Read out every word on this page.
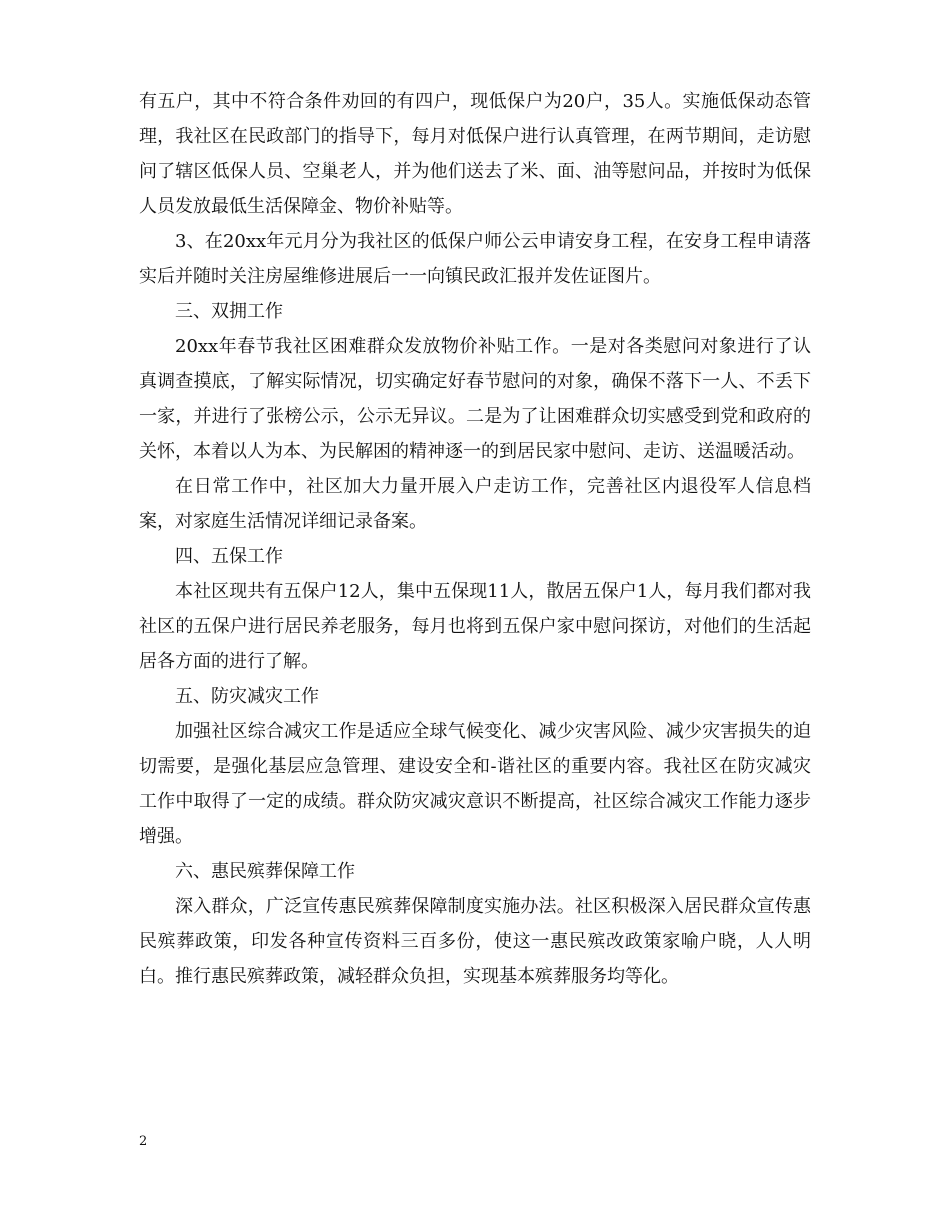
有五户，其中不符合条件劝回的有四户，现低保户为20户，35人。实施低保动态管理，我社区在民政部门的指导下，每月对低保户进行认真管理，在两节期间，走访慰问了辖区低保人员、空巢老人，并为他们送去了米、面、油等慰问品，并按时为低保人员发放最低生活保障金、物价补贴等。

3、在20xx年元月分为我社区的低保户师公云申请安身工程，在安身工程申请落实后并随时关注房屋维修进展后一一向镇民政汇报并发佐证图片。

三、双拥工作

20xx年春节我社区困难群众发放物价补贴工作。一是对各类慰问对象进行了认真调查摸底，了解实际情况，切实确定好春节慰问的对象，确保不落下一人、不丢下一家，并进行了张榜公示，公示无异议。二是为了让困难群众切实感受到党和政府的关怀，本着以人为本、为民解困的精神逐一的到居民家中慰问、走访、送温暖活动。

在日常工作中，社区加大力量开展入户走访工作，完善社区内退役军人信息档案，对家庭生活情况详细记录备案。

四、五保工作

本社区现共有五保户12人，集中五保现11人，散居五保户1人，每月我们都对我社区的五保户进行居民养老服务，每月也将到五保户家中慰问探访，对他们的生活起居各方面的进行了解。

五、防灾减灾工作

加强社区综合减灾工作是适应全球气候变化、减少灾害风险、减少灾害损失的迫切需要，是强化基层应急管理、建设安全和-谐社区的重要内容。我社区在防灾减灾工作中取得了一定的成绩。群众防灾减灾意识不断提高，社区综合减灾工作能力逐步增强。

六、惠民殡葬保障工作

深入群众，广泛宣传惠民殡葬保障制度实施办法。社区积极深入居民群众宣传惠民殡葬政策，印发各种宣传资料三百多份，使这一惠民殡改政策家喻户晓，人人明白。推行惠民殡葬政策，减轻群众负担，实现基本殡葬服务均等化。

2
